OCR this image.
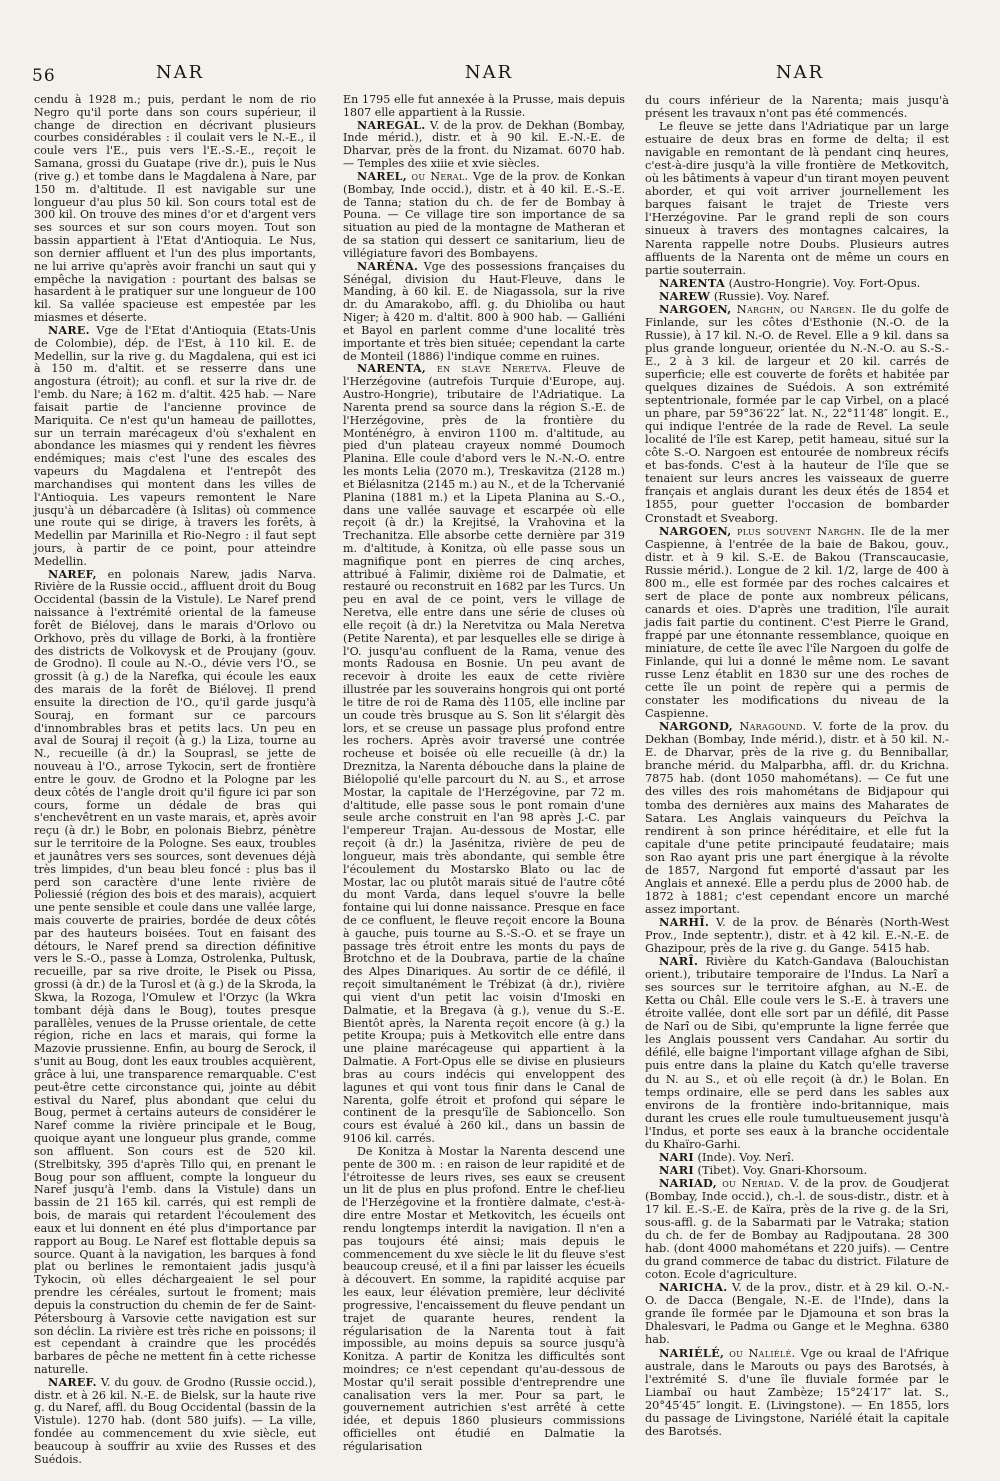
56	NAR	NAR	NAR

cendu à 1928 m.; puis, perdant le nom de rio Negro qu'il porte dans son cours supérieur, il change de direction en décrivant plusieurs courbes considérables : il coulait vers le N.-E., il coule vers l'E., puis vers l'E.-S.-E., reçoit le Samana, grossi du Guatape (rive dr.), puis le Nus (rive g.) et tombe dans le Magdalena à Nare, par 150 m. d'altitude. Il est navigable sur une longueur d'au plus 50 kil. Son cours total est de 300 kil. On trouve des mines d'or et d'argent vers ses sources et sur son cours moyen. Tout son bassin appartient à l'Etat d'Antioquia. Le Nus, son dernier affluent et l'un des plus importants, ne lui arrive qu'après avoir franchi un saut qui y empêche la navigation : pourtant des balsas se hasardent à le pratiquer sur une longueur de 100 kil. Sa vallée spacieuse est empestée par les miasmes et déserte.

NARE. Vge de l'Etat d'Antioquia (Etats-Unis de Colombie), dép. de l'Est, à 110 kil. E. de Medellin, sur la rive g. du Magdalena, qui est ici à 150 m. d'altit. et se resserre dans une angostura (étroit); au confl. et sur la rive dr. de l'emb. du Nare; à 162 m. d'altit. 425 hab. — Nare faisait partie de l'ancienne province de Mariquita. Ce n'est qu'un hameau de paillottes, sur un terrain marécageux d'où s'exhalent en abondance les miasmes qui y rendent les fièvres endémiques; mais c'est l'une des escales des vapeurs du Magdalena et l'entrepôt des marchandises qui montent dans les villes de l'Antioquia. Les vapeurs remontent le Nare jusqu'à un débarcadère (à Islitas) où commence une route qui se dirige, à travers les forêts, à Medellin par Marinilla et Rio-Negro : il faut sept jours, à partir de ce point, pour atteindre Medellin.

NAREF, en polonais Narew, jadis Narva. Rivière de la Russie occid., affluent droit du Boug Occidental (bassin de la Vistule). Le Naref prend naissance à l'extrémité oriental de la fameuse forêt de Biélovej, dans le marais d'Orlovo ou Orkhovo, près du village de Borki, à la frontière des districts de Volkovysk et de Proujany (gouv. de Grodno). Il coule au N.-O., dévie vers l'O., se grossit (à g.) de la Narefka, qui écoule les eaux des marais de la forêt de Biélovej. Il prend ensuite la direction de l'O., qu'il garde jusqu'à Souraj, en formant sur ce parcours d'innombrables bras et petits lacs. Un peu en aval de Souraj il reçoit (à g.) la Liza, tourne au N., recueille (à dr.) la Souprasl, se jette de nouveau à l'O., arrose Tykocin, sert de frontière entre le gouv. de Grodno et la Pologne par les deux côtés de l'angle droit qu'il figure ici par son cours, forme un dédale de bras qui s'enchevêtrent en un vaste marais, et, après avoir reçu (à dr.) le Bobr, en polonais Biebrz, pénètre sur le territoire de la Pologne. Ses eaux, troubles et jaunâtres vers ses sources, sont devenues déjà très limpides, d'un beau bleu foncé : plus bas il perd son caractère d'une lente rivière de Poliessié (région des bois et des marais), acquiert une pente sensible et coule dans une vallée large, mais couverte de prairies, bordée de deux côtés par des hauteurs boisées. Tout en faisant des détours, le Naref prend sa direction définitive vers le S.-O., passe à Lomza, Ostrolenka, Pultusk, recueille, par sa rive droite, le Pisek ou Pissa, grossi (à dr.) de la Turosl et (à g.) de la Skroda, la Skwa, la Rozoga, l'Omulew et l'Orzyc (la Wkra tombant déjà dans le Boug), toutes presque parallèles, venues de la Prusse orientale, de cette région, riche en lacs et marais, qui forme la Mazovie prussienne. Enfin, au bourg de Serock, il s'unit au Boug, dont les eaux troubles acquièrent, grâce à lui, une transparence remarquable. C'est peut-être cette circonstance qui, jointe au débit estival du Naref, plus abondant que celui du Boug, permet à certains auteurs de considérer le Naref comme la rivière principale et le Boug, quoique ayant une longueur plus grande, comme son affluent. Son cours est de 520 kil. (Strelbitsky, 395 d'après Tillo qui, en prenant le Boug pour son affluent, compte la longueur du Naref jusqu'à l'emb. dans la Vistule) dans un bassin de 21 165 kil. carrés, qui est rempli de bois, de marais qui retardent l'écoulement des eaux et lui donnent en été plus d'importance par rapport au Boug. Le Naref est flottable depuis sa source. Quant à la navigation, les barques à fond plat ou berlines le remontaient jadis jusqu'à Tykocin, où elles déchargeaient le sel pour prendre les céréales, surtout le froment; mais depuis la construction du chemin de fer de Saint-Pétersbourg à Varsovie cette navigation est sur son déclin. La rivière est très riche en poissons; il est cependant à craindre que les procédés barbares de pêche ne mettent fin à cette richesse naturelle.

NAREF. V. du gouv. de Grodno (Russie occid.), distr. et à 26 kil. N.-E. de Bielsk, sur la haute rive g. du Naref, affl. du Boug Occidental (bassin de la Vistule). 1270 hab. (dont 580 juifs). — La ville, fondée au commencement du xvie siècle, eut beaucoup à souffrir au xviie des Russes et des Suédois.

En 1795 elle fut annexée à la Prusse, mais depuis 1807 elle appartient à la Russie.

NAREGAL. V. de la prov. de Dekhan (Bombay, Inde mérid.), distr. et à 90 kil. E.-N.-E. de Dharvar, près de la front. du Nizamat. 6070 hab. — Temples des xiiie et xvie siècles.

NAREL, ou Neral. Vge de la prov. de Konkan (Bombay, Inde occid.), distr. et à 40 kil. E.-S.-E. de Tanna; station du ch. de fer de Bombay à Pouna. — Ce village tire son importance de sa situation au pied de la montagne de Matheran et de sa station qui dessert ce sanitarium, lieu de villégiature favori des Bombayens.

NARÉNA. Vge des possessions françaises du Sénégal, division du Haut-Fleuve, dans le Manding, à 60 kil. E. de Niagassola, sur la rive dr. du Amarakobo, affl. g. du Dhioliba ou haut Niger; à 420 m. d'altit. 800 à 900 hab. — Galliéni et Bayol en parlent comme d'une localité très importante et très bien située; cependant la carte de Monteil (1886) l'indique comme en ruines.

NARENTA, en slave Neretva. Fleuve de l'Herzégovine (autrefois Turquie d'Europe, auj. Austro-Hongrie), tributaire de l'Adriatique. La Narenta prend sa source dans la région S.-E. de l'Herzégovine, près de la frontière du Monténégro, à environ 1100 m. d'altitude, au pied d'un plateau crayeux nommé Doumoch Planina. Elle coule d'abord vers le N.-N.-O. entre les monts Lelia (2070 m.), Treskavitza (2128 m.) et Biélasnitza (2145 m.) au N., et de la Tchervanié Planina (1881 m.) et la Lipeta Planina au S.-O., dans une vallée sauvage et escarpée où elle reçoit (à dr.) la Krejitsé, la Vrahovina et la Trechanitza. Elle absorbe cette dernière par 319 m. d'altitude, à Konitza, où elle passe sous un magnifique pont en pierres de cinq arches, attribué à Falimir, dixième roi de Dalmatie, et restauré ou reconstruit en 1682 par les Turcs. Un peu en aval de ce point, vers le village de Neretva, elle entre dans une série de cluses où elle reçoit (à dr.) la Neretvitza ou Mala Neretva (Petite Narenta), et par lesquelles elle se dirige à l'O. jusqu'au confluent de la Rama, venue des monts Radousa en Bosnie. Un peu avant de recevoir à droite les eaux de cette rivière illustrée par les souverains hongrois qui ont porté le titre de roi de Rama dès 1105, elle incline par un coude très brusque au S. Son lit s'élargit dès lors, et se creuse un passage plus profond entre les rochers. Après avoir traversé une contrée rocheuse et boisée où elle recueille (à dr.) la Dreznitza, la Narenta débouche dans la plaine de Biélopolié qu'elle parcourt du N. au S., et arrose Mostar, la capitale de l'Herzégovine, par 72 m. d'altitude, elle passe sous le pont romain d'une seule arche construit en l'an 98 après J.-C. par l'empereur Trajan. Au-dessous de Mostar, elle reçoit (à dr.) la Jasénitza, rivière de peu de longueur, mais très abondante, qui semble être l'écoulement du Mostarsko Blato ou lac de Mostar, lac ou plutôt marais situé de l'autre côté du mont Varda, dans lequel s'ouvre la belle fontaine qui lui donne naissance. Presque en face de ce confluent, le fleuve reçoit encore la Bouna à gauche, puis tourne au S.-S.-O. et se fraye un passage très étroit entre les monts du pays de Brotchno et de la Doubrava, partie de la chaîne des Alpes Dinariques. Au sortir de ce défilé, il reçoit simultanément le Trébizat (à dr.), rivière qui vient d'un petit lac voisin d'Imoski en Dalmatie, et la Bregava (à g.), venue du S.-E. Bientôt après, la Narenta reçoit encore (à g.) la petite Kroupa; puis à Metkovitch elle entre dans une plaine marécageuse qui appartient à la Dalmatie. A Fort-Opus elle se divise en plusieurs bras au cours indécis qui enveloppent des lagunes et qui vont tous finir dans le Canal de Narenta, golfe étroit et profond qui sépare le continent de la presqu'île de Sabioncello. Son cours est évalué à 260 kil., dans un bassin de 9106 kil. carrés.

De Konitza à Mostar la Narenta descend une pente de 300 m. : en raison de leur rapidité et de l'étroitesse de leurs rives, ses eaux se creusent un lit de plus en plus profond. Entre le chef-lieu de l'Herzégovine et la frontière dalmate, c'est-à-dire entre Mostar et Metkovitch, les écueils ont rendu longtemps interdit la navigation. Il n'en a pas toujours été ainsi; mais depuis le commencement du xve siècle le lit du fleuve s'est beaucoup creusé, et il a fini par laisser les écueils à découvert. En somme, la rapidité acquise par les eaux, leur élévation première, leur déclivité progressive, l'encaissement du fleuve pendant un trajet de quarante heures, rendent la régularisation de la Narenta tout à fait impossible, au moins depuis sa source jusqu'à Konitza. A partir de Konitza les difficultés sont moindres; ce n'est cependant qu'au-dessous de Mostar qu'il serait possible d'entreprendre une canalisation vers la mer. Pour sa part, le gouvernement autrichien s'est arrêté à cette idée, et depuis 1860 plusieurs commissions officielles ont étudié en Dalmatie la régularisation

du cours inférieur de la Narenta; mais jusqu'à présent les travaux n'ont pas été commencés.

Le fleuve se jette dans l'Adriatique par un large estuaire de deux bras en forme de delta; il est navigable en remontant de là pendant cinq heures, c'est-à-dire jusqu'à la ville frontière de Metkovitch, où les bâtiments à vapeur d'un tirant moyen peuvent aborder, et qui voit arriver journellement les barques faisant le trajet de Trieste vers l'Herzégovine. Par le grand repli de son cours sinueux à travers des montagnes calcaires, la Narenta rappelle notre Doubs. Plusieurs autres affluents de la Narenta ont de même un cours en partie souterrain.

NARENTA (Austro-Hongrie). Voy. Fort-Opus.

NAREW (Russie). Voy. Naref.

NARGOEN, Narghn, ou Nargen. Ile du golfe de Finlande, sur les côtes d'Esthonie (N.-O. de la Russie), à 17 kil. N.-O. de Revel. Elle a 9 kil. dans sa plus grande longueur, orientée du N.-N.-O. au S.-S.-E., 2 à 3 kil. de largeur et 20 kil. carrés de superficie; elle est couverte de forêts et habitée par quelques dizaines de Suédois. A son extrémité septentrionale, formée par le cap Virbel, on a placé un phare, par 59°36′22″ lat. N., 22°11′48″ longit. E., qui indique l'entrée de la rade de Revel. La seule localité de l'île est Karep, petit hameau, situé sur la côte S.-O. Nargoen est entourée de nombreux récifs et bas-fonds. C'est à la hauteur de l'île que se tenaient sur leurs ancres les vaisseaux de guerre français et anglais durant les deux étés de 1854 et 1855, pour guetter l'occasion de bombarder Cronstadt et Sveaborg.

NARGOEN, plus souvent Narghn. Ile de la mer Caspienne, à l'entrée de la baie de Bakou, gouv., distr. et à 9 kil. S.-E. de Bakou (Transcaucasie, Russie mérid.). Longue de 2 kil. 1/2, large de 400 à 800 m., elle est formée par des roches calcaires et sert de place de ponte aux nombreux pélicans, canards et oies. D'après une tradition, l'île aurait jadis fait partie du continent. C'est Pierre le Grand, frappé par une étonnante ressemblance, quoique en miniature, de cette île avec l'île Nargoen du golfe de Finlande, qui lui a donné le même nom. Le savant russe Lenz établit en 1830 sur une des roches de cette île un point de repère qui a permis de constater les modifications du niveau de la Caspienne.

NARGOND, Naragound. V. forte de la prov. du Dekhan (Bombay, Inde mérid.), distr. et à 50 kil. N.-E. de Dharvar, près de la rive g. du Benniballar, branche mérid. du Malparbha, affl. dr. du Krichna. 7875 hab. (dont 1050 mahométans). — Ce fut une des villes des rois mahométans de Bidjapour qui tomba des dernières aux mains des Maharates de Satara. Les Anglais vainqueurs du Peïchva la rendirent à son prince héréditaire, et elle fut la capitale d'une petite principauté feudataire; mais son Rao ayant pris une part énergique à la révolte de 1857, Nargond fut emporté d'assaut par les Anglais et annexé. Elle a perdu plus de 2000 hab. de 1872 à 1881; c'est cependant encore un marché assez important.

NARHÎ. V. de la prov. de Bénarès (North-West Prov., Inde septentr.), distr. et à 42 kil. E.-N.-E. de Ghazipour, près de la rive g. du Gange. 5415 hab.

NARÎ. Rivière du Katch-Gandava (Balouchistan orient.), tributaire temporaire de l'Indus. La Narî a ses sources sur le territoire afghan, au N.-E. de Ketta ou Châl. Elle coule vers le S.-E. à travers une étroite vallée, dont elle sort par un défilé, dit Passe de Narî ou de Sibi, qu'emprunte la ligne ferrée que les Anglais poussent vers Candahar. Au sortir du défilé, elle baigne l'important village afghan de Sibi, puis entre dans la plaine du Katch qu'elle traverse du N. au S., et où elle reçoit (à dr.) le Bolan. En temps ordinaire, elle se perd dans les sables aux environs de la frontière indo-britannique, mais durant les crues elle roule tumultueusement jusqu'à l'Indus, et porte ses eaux à la branche occidentale du Khaïro-Garhi.

NARI (Inde). Voy. Nerî.

NARI (Tibet). Voy. Gnari-Khorsoum.

NARIAD, ou Neriad. V. de la prov. de Goudjerat (Bombay, Inde occid.), ch.-l. de sous-distr., distr. et à 17 kil. E.-S.-E. de Kaïra, près de la rive g. de la Sri, sous-affl. g. de la Sabarmati par le Vatraka; station du ch. de fer de Bombay au Radjpoutana. 28 300 hab. (dont 4000 mahométans et 220 juifs). — Centre du grand commerce de tabac du district. Filature de coton. Ecole d'agriculture.

NARICHA. V. de la prov., distr. et à 29 kil. O.-N.-O. de Dacca (Bengale, N.-E. de l'Inde), dans la grande île formée par le Djamouna et son bras la Dhalesvari, le Padma ou Gange et le Meghna. 6380 hab.

NARIÉLÉ, ou Naliélé. Vge ou kraal de l'Afrique australe, dans le Marouts ou pays des Barotsés, à l'extrémité S. d'une île fluviale formée par le Liambaï ou haut Zambèze; 15°24′17″ lat. S., 20°45′45″ longit. E. (Livingstone). — En 1855, lors du passage de Livingstone, Nariélé était la capitale des Barotsés.
